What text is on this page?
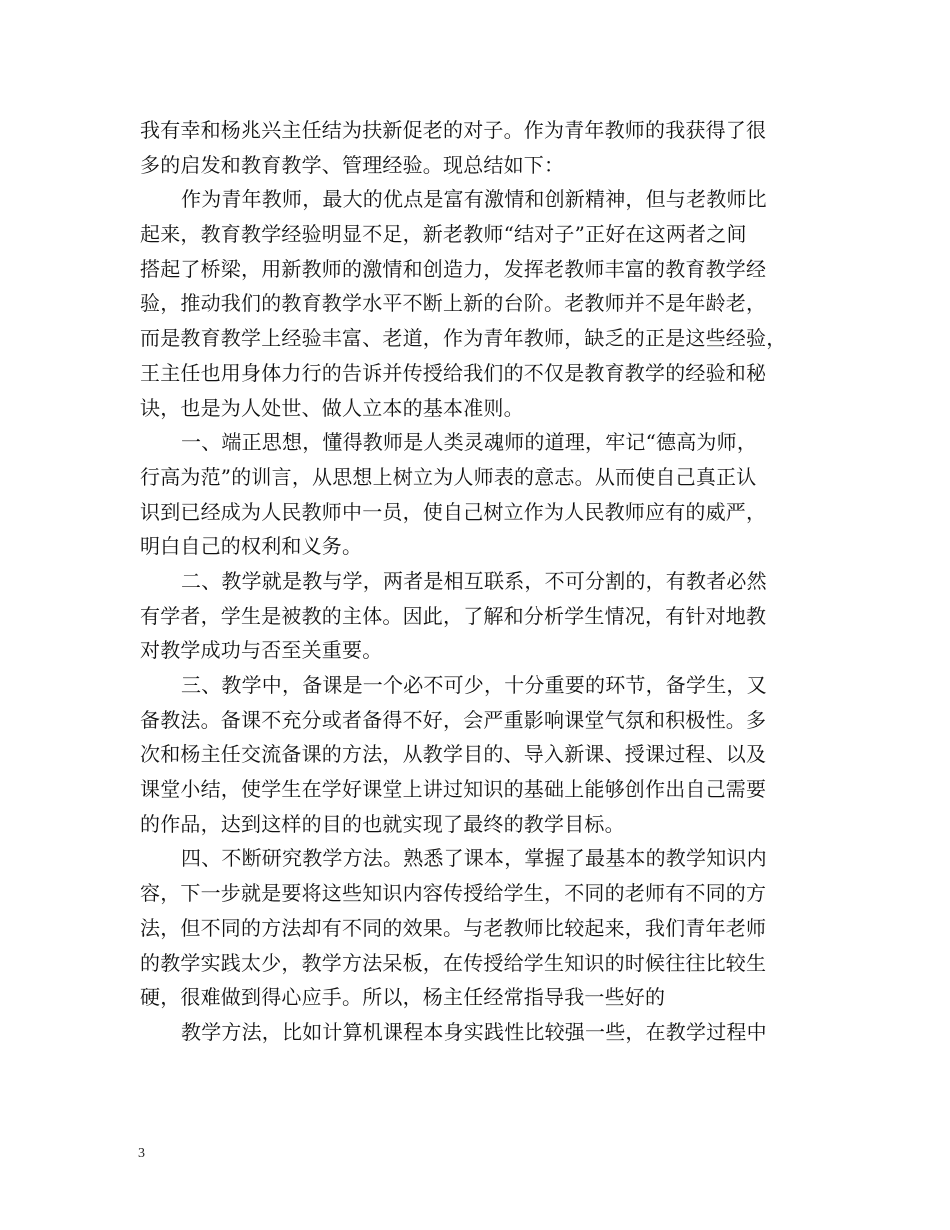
我有幸和杨兆兴主任结为扶新促老的对子。作为青年教师的我获得了很
多的启发和教育教学、管理经验。现总结如下：
作为青年教师，最大的优点是富有激情和创新精神，但与老教师比
起来，教育教学经验明显不足，新老教师“结对子”正好在这两者之间
搭起了桥梁，用新教师的激情和创造力，发挥老教师丰富的教育教学经
验，推动我们的教育教学水平不断上新的台阶。老教师并不是年龄老，
而是教育教学上经验丰富、老道，作为青年教师，缺乏的正是这些经验，
王主任也用身体力行的告诉并传授给我们的不仅是教育教学的经验和秘
诀，也是为人处世、做人立本的基本准则。
一、端正思想，懂得教师是人类灵魂师的道理，牢记“德高为师，
行高为范”的训言，从思想上树立为人师表的意志。从而使自己真正认
识到已经成为人民教师中一员，使自己树立作为人民教师应有的威严，
明白自己的权利和义务。
二、教学就是教与学，两者是相互联系，不可分割的，有教者必然
有学者，学生是被教的主体。因此，了解和分析学生情况，有针对地教
对教学成功与否至关重要。
三、教学中，备课是一个必不可少，十分重要的环节，备学生，又
备教法。备课不充分或者备得不好，会严重影响课堂气氛和积极性。多
次和杨主任交流备课的方法，从教学目的、导入新课、授课过程、以及
课堂小结，使学生在学好课堂上讲过知识的基础上能够创作出自己需要
的作品，达到这样的目的也就实现了最终的教学目标。
四、不断研究教学方法。熟悉了课本，掌握了最基本的教学知识内
容，下一步就是要将这些知识内容传授给学生，不同的老师有不同的方
法，但不同的方法却有不同的效果。与老教师比较起来，我们青年老师
的教学实践太少，教学方法呆板，在传授给学生知识的时候往往比较生
硬，很难做到得心应手。所以，杨主任经常指导我一些好的
教学方法，比如计算机课程本身实践性比较强一些，在教学过程中
3
